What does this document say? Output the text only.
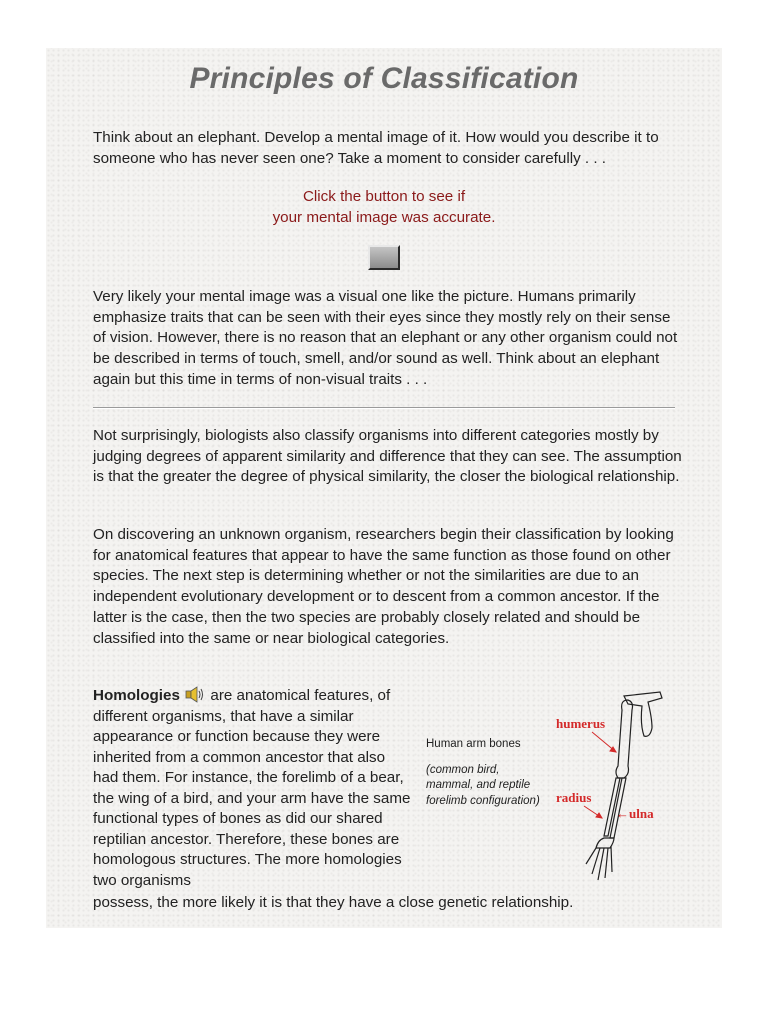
Principles of Classification

Think about an elephant. Develop a mental image of it. How would you describe it to someone who has never seen one? Take a moment to consider carefully . . .

Click the button to see if
your mental image was accurate.

Very likely your mental image was a visual one like the picture. Humans primarily emphasize traits that can be seen with their eyes since they mostly rely on their sense of vision. However, there is no reason that an elephant or any other organism could not be described in terms of touch, smell, and/or sound as well. Think about an elephant again but this time in terms of non-visual traits . . .

Not surprisingly, biologists also classify organisms into different categories mostly by judging degrees of apparent similarity and difference that they can see. The assumption is that the greater the degree of physical similarity, the closer the biological relationship.

On discovering an unknown organism, researchers begin their classification by looking for anatomical features that appear to have the same function as those found on other species. The next step is determining whether or not the similarities are due to an independent evolutionary development or to descent from a common ancestor. If the latter is the case, then the two species are probably closely related and should be classified into the same or near biological categories.

Homologies are anatomical features, of different organisms, that have a similar appearance or function because they were inherited from a common ancestor that also had them. For instance, the forelimb of a bear, the wing of a bird, and your arm have the same functional types of bones as did our shared reptilian ancestor. Therefore, these bones are homologous structures. The more homologies two organisms
possess, the more likely it is that they have a close genetic relationship.
Human arm bones
(common bird, mammal, and reptile forelimb configuration)
humerus
radius
←ulna
